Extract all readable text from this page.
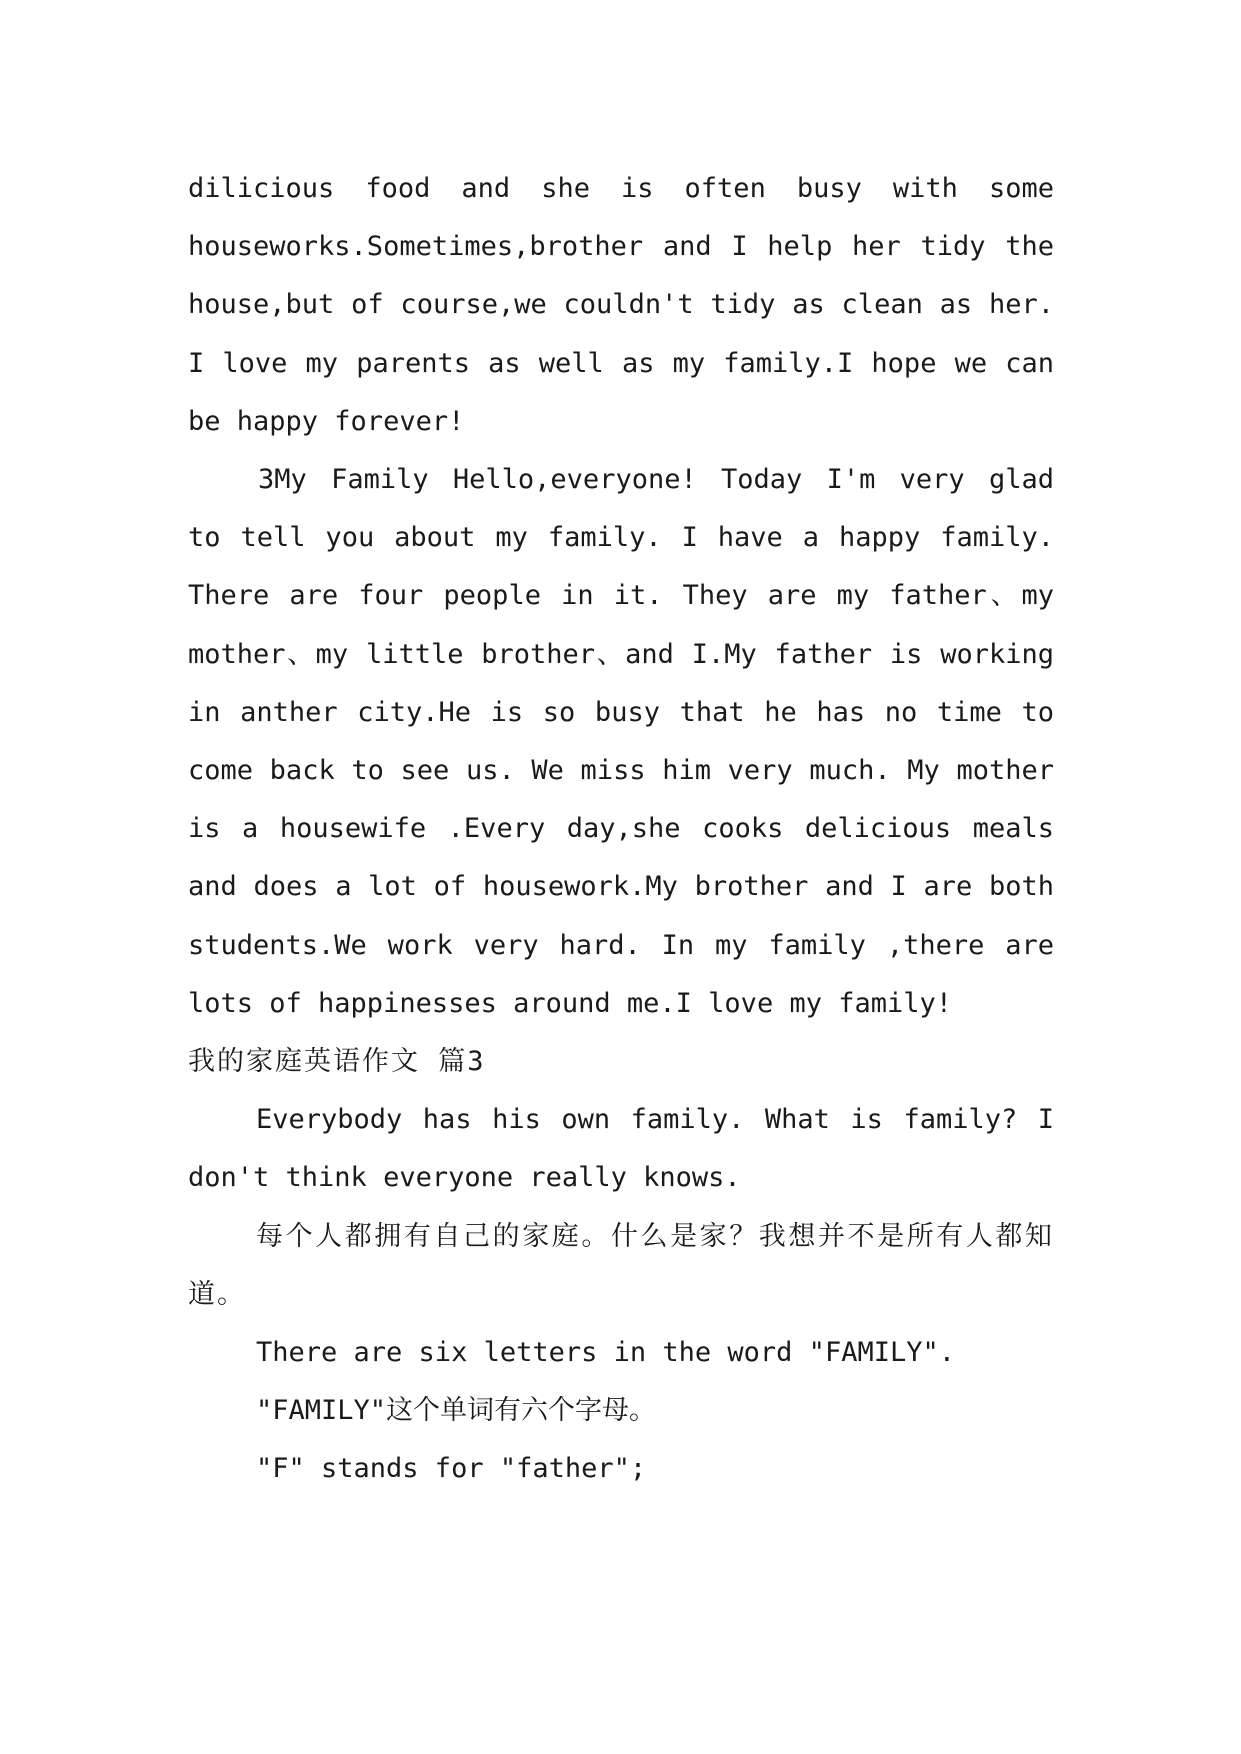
dilicious food and she is often busy with some houseworks.Sometimes,brother and I help her tidy the house,but of course,we couldn't tidy as clean as her. I love my parents as well as my family.I hope we can be happy forever!

3My Family Hello,everyone! Today I'm very glad to tell you about my family. I have a happy family. There are four people in it. They are my father、my mother、my little brother、and I.My father is working in anther city.He is so busy that he has no time to come back to see us. We miss him very much. My mother is a housewife .Every day,she cooks delicious meals and does a lot of housework.My brother and I are both students.We work very hard. In my family ,there are lots of happinesses around me.I love my family!

我的家庭英语作文 篇3

Everybody has his own family. What is family? I don't think everyone really knows.

每个人都拥有自己的家庭。什么是家？我想并不是所有人都知道。

There are six letters in the word "FAMILY".

"FAMILY"这个单词有六个字母。

"F" stands for "father";
